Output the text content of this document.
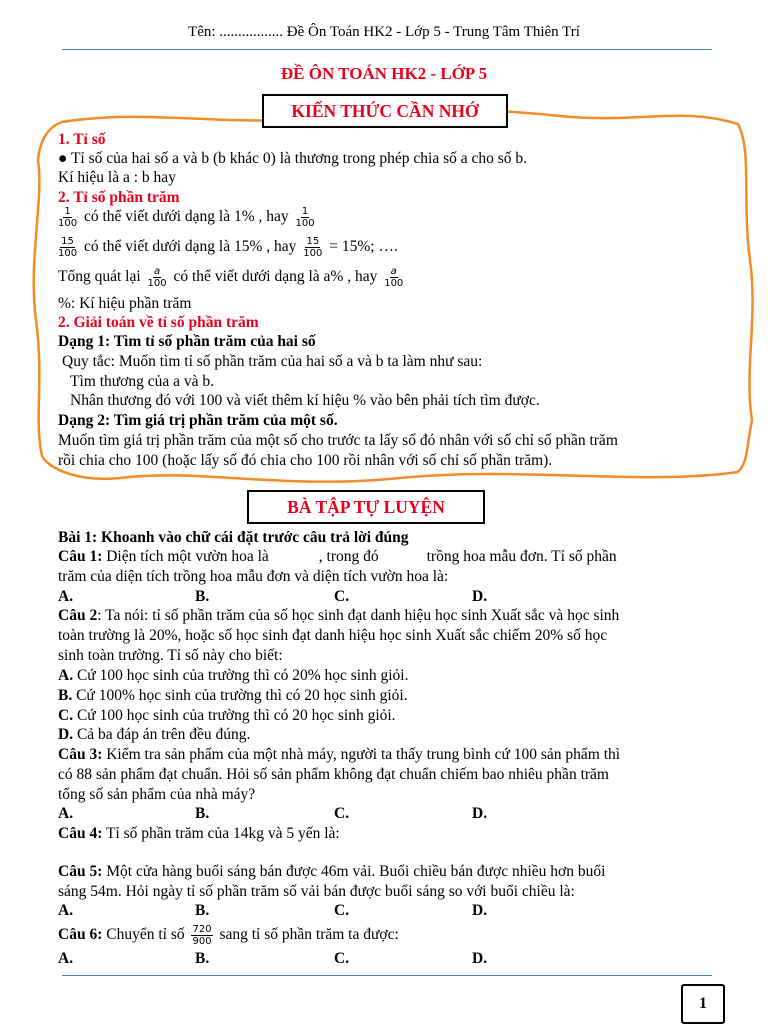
Tên: ................. Đề Ôn Toán HK2 - Lớp 5 - Trung Tâm Thiên Trí
ĐỀ ÔN TOÁN HK2 - LỚP 5
KIẾN THỨC CẦN NHỚ
1. Tỉ số
● Tỉ số của hai số a và b (b khác 0) là thương trong phép chia số a cho số b.
Kí hiệu là a : b hay
2. Tỉ số phần trăm
$\frac{1}{100}$ có thể viết dưới dạng là 1% , hay $\frac{1}{100}$
$\frac{15}{100}$ có thể viết dưới dạng là 15% , hay $\frac{15}{100} = 15\%$; ….
Tổng quát lại $\frac{a}{100}$ có thể viết dưới dạng là a% , hay $\frac{a}{100}$
%: Kí hiệu phần trăm
2. Giải toán về tỉ số phần trăm
Dạng 1: Tìm tỉ số phần trăm của hai số
Quy tắc: Muốn tìm tỉ số phần trăm của hai số a và b ta làm như sau:
Tìm thương của a và b.
Nhân thương đó với 100 và viết thêm kí hiệu % vào bên phải tích tìm được.
Dạng 2: Tìm giá trị phần trăm của một số.
Muốn tìm giá trị phần trăm của một số cho trước ta lấy số đó nhân với số chỉ số phần trăm
rồi chia cho 100 (hoặc lấy số đó chia cho 100 rồi nhân với số chỉ số phần trăm).
BÀ TẬP TỰ LUYỆN
Bài 1: Khoanh vào chữ cái đặt trước câu trả lời đúng
Câu 1: Diện tích một vườn hoa là	, trong đó	trồng hoa mẫu đơn. Tỉ số phần
trăm của diện tích trồng hoa mẫu đơn và diện tích vườn hoa là:
A.	B.	C.	D.
Câu 2: Ta nói: tỉ số phần trăm của số học sinh đạt danh hiệu học sinh Xuất sắc và học sinh
toàn trường là 20%, hoặc số học sinh đạt danh hiệu học sinh Xuất sắc chiếm 20% số học
sinh toàn trường. Tỉ số này cho biết:
A. Cứ 100 học sinh của trường thì có 20% học sinh giỏi.
B. Cứ 100% học sinh của trường thì có 20 học sinh giỏi.
C. Cứ 100 học sinh của trường thì có 20 học sinh giỏi.
D. Cả ba đáp án trên đều đúng.
Câu 3: Kiểm tra sản phẩm của một nhà máy, người ta thấy trung bình cứ 100 sản phẩm thì
có 88 sản phẩm đạt chuẩn. Hỏi số sản phẩm không đạt chuẩn chiếm bao nhiêu phần trăm
tổng số sản phẩm của nhà máy?
A.	B.	C.	D.
Câu 4: Tỉ số phần trăm của 14kg và 5 yến là:
Câu 5: Một cửa hàng buổi sáng bán được 46m vải. Buổi chiều bán được nhiều hơn buổi
sáng 54m. Hỏi ngày tỉ số phần trăm số vải bán được buổi sáng so với buổi chiều là:
A.	B.	C.	D.
Câu 6: Chuyển tỉ số $\frac{720}{900}$ sang tỉ số phần trăm ta được:
A.	B.	C.	D.
1
